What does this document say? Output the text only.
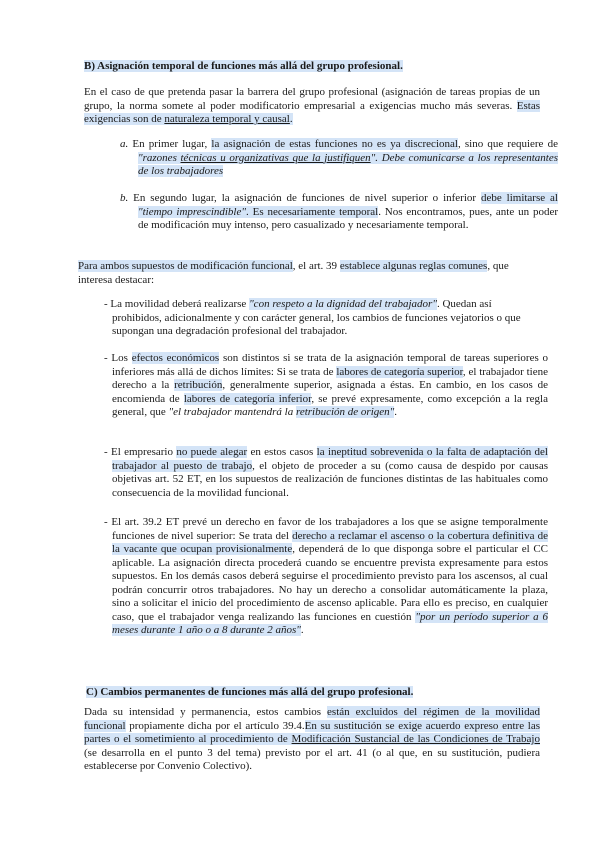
B) Asignación temporal de funciones más allá del grupo profesional.

En el caso de que pretenda pasar la barrera del grupo profesional (asignación de tareas propias de un grupo, la norma somete al poder modificatorio empresarial a exigencias mucho más severas. Estas exigencias son de naturaleza temporal y causal.

a. En primer lugar, la asignación de estas funciones no es ya discrecional, sino que requiere de "razones técnicas u organizativas que la justifiquen". Debe comunicarse a los representantes de los trabajadores

b. En segundo lugar, la asignación de funciones de nivel superior o inferior debe limitarse al "tiempo imprescindible". Es necesariamente temporal. Nos encontramos, pues, ante un poder de modificación muy intenso, pero casualizado y necesariamente temporal.

Para ambos supuestos de modificación funcional, el art. 39 establece algunas reglas comunes, que interesa destacar:

- La movilidad deberá realizarse "con respeto a la dignidad del trabajador". Quedan así prohibidos, adicionalmente y con carácter general, los cambios de funciones vejatorios o que supongan una degradación profesional del trabajador.

- Los efectos económicos son distintos si se trata de la asignación temporal de tareas superiores o inferiores más allá de dichos límites: Si se trata de labores de categoría superior, el trabajador tiene derecho a la retribución, generalmente superior, asignada a éstas. En cambio, en los casos de encomienda de labores de categoría inferior, se prevé expresamente, como excepción a la regla general, que "el trabajador mantendrá la retribución de origen".

- El empresario no puede alegar en estos casos la ineptitud sobrevenida o la falta de adaptación del trabajador al puesto de trabajo, el objeto de proceder a su (como causa de despido por causas objetivas art. 52 ET, en los supuestos de realización de funciones distintas de las habituales como consecuencia de la movilidad funcional.

- El art. 39.2 ET prevé un derecho en favor de los trabajadores a los que se asigne temporalmente funciones de nivel superior: Se trata del derecho a reclamar el ascenso o la cobertura definitiva de la vacante que ocupan provisionalmente, dependerá de lo que disponga sobre el particular el CC aplicable. La asignación directa procederá cuando se encuentre prevista expresamente para estos supuestos. En los demás casos deberá seguirse el procedimiento previsto para los ascensos, al cual podrán concurrir otros trabajadores. No hay un derecho a consolidar automáticamente la plaza, sino a solicitar el inicio del procedimiento de ascenso aplicable. Para ello es preciso, en cualquier caso, que el trabajador venga realizando las funciones en cuestión "por un período superior a 6 meses durante 1 año o a 8 durante 2 años".

C) Cambios permanentes de funciones más allá del grupo profesional.

Dada su intensidad y permanencia, estos cambios están excluidos del régimen de la movilidad funcional propiamente dicha por el artículo 39.4.En su sustitución se exige acuerdo expreso entre las partes o el sometimiento al procedimiento de Modificación Sustancial de las Condiciones de Trabajo (se desarrolla en el punto 3 del tema) previsto por el art. 41 (o al que, en su sustitución, pudiera establecerse por Convenio Colectivo).
